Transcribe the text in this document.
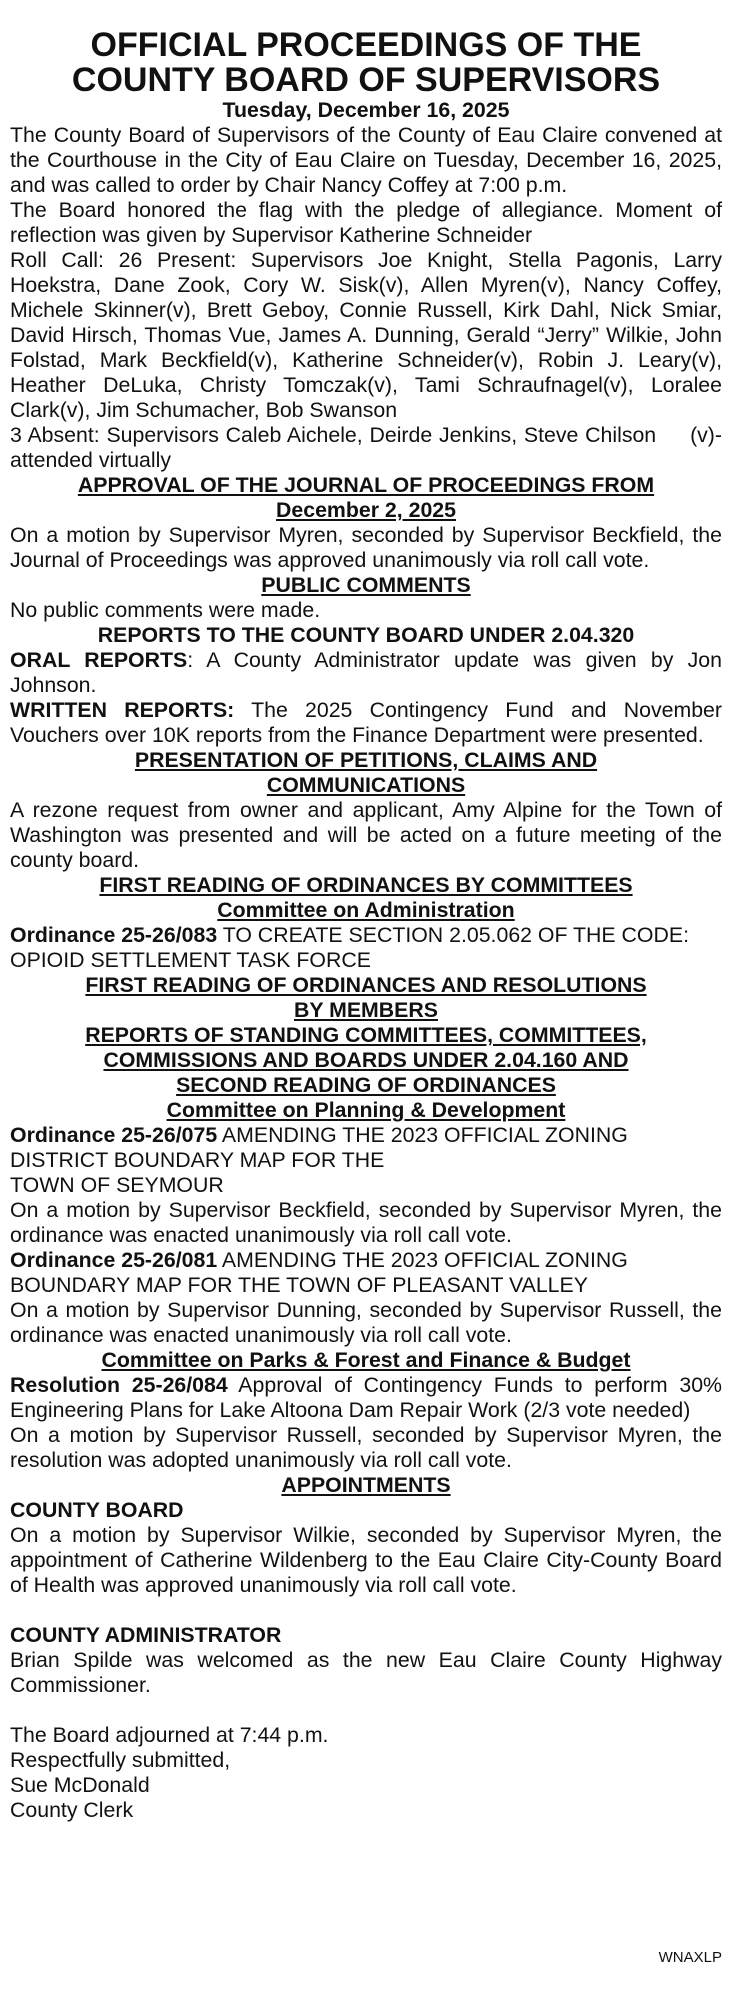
OFFICIAL PROCEEDINGS OF THE
COUNTY BOARD OF SUPERVISORS
Tuesday, December 16, 2025

The County Board of Supervisors of the County of Eau Claire convened at the Courthouse in the City of Eau Claire on Tuesday, December 16, 2025, and was called to order by Chair Nancy Coffey at 7:00 p.m.

The Board honored the flag with the pledge of allegiance. Moment of reflection was given by Supervisor Katherine Schneider

Roll Call: 26 Present: Supervisors Joe Knight, Stella Pagonis, Larry Hoekstra, Dane Zook, Cory W. Sisk(v), Allen Myren(v), Nancy Coffey, Michele Skinner(v), Brett Geboy, Connie Russell, Kirk Dahl, Nick Smiar, David Hirsch, Thomas Vue, James A. Dunning, Gerald “Jerry” Wilkie, John Folstad, Mark Beckfield(v), Katherine Schneider(v), Robin J. Leary(v), Heather DeLuka, Christy Tomczak(v), Tami Schraufnagel(v), Loralee Clark(v), Jim Schumacher, Bob Swanson

3 Absent: Supervisors Caleb Aichele, Deirde Jenkins, Steve Chilson (v)-attended virtually

APPROVAL OF THE JOURNAL OF PROCEEDINGS FROM
December 2, 2025

On a motion by Supervisor Myren, seconded by Supervisor Beckfield, the Journal of Proceedings was approved unanimously via roll call vote.

PUBLIC COMMENTS

No public comments were made.

REPORTS TO THE COUNTY BOARD UNDER 2.04.320

ORAL REPORTS: A County Administrator update was given by Jon Johnson.

WRITTEN REPORTS: The 2025 Contingency Fund and November Vouchers over 10K reports from the Finance Department were presented.

PRESENTATION OF PETITIONS, CLAIMS AND
COMMUNICATIONS

A rezone request from owner and applicant, Amy Alpine for the Town of Washington was presented and will be acted on a future meeting of the county board.

FIRST READING OF ORDINANCES BY COMMITTEES
Committee on Administration

Ordinance 25-26/083 TO CREATE SECTION 2.05.062 OF THE CODE: OPIOID SETTLEMENT TASK FORCE

FIRST READING OF ORDINANCES AND RESOLUTIONS
BY MEMBERS
REPORTS OF STANDING COMMITTEES, COMMITTEES,
COMMISSIONS AND BOARDS UNDER 2.04.160 AND
SECOND READING OF ORDINANCES
Committee on Planning & Development

Ordinance 25-26/075 AMENDING THE 2023 OFFICIAL ZONING DISTRICT BOUNDARY MAP FOR THE
TOWN OF SEYMOUR

On a motion by Supervisor Beckfield, seconded by Supervisor Myren, the ordinance was enacted unanimously via roll call vote.

Ordinance 25-26/081 AMENDING THE 2023 OFFICIAL ZONING BOUNDARY MAP FOR THE TOWN OF PLEASANT VALLEY

On a motion by Supervisor Dunning, seconded by Supervisor Russell, the ordinance was enacted unanimously via roll call vote.

Committee on Parks & Forest and Finance & Budget

Resolution 25-26/084 Approval of Contingency Funds to perform 30% Engineering Plans for Lake Altoona Dam Repair Work (2/3 vote needed)

On a motion by Supervisor Russell, seconded by Supervisor Myren, the resolution was adopted unanimously via roll call vote.

APPOINTMENTS
COUNTY BOARD

On a motion by Supervisor Wilkie, seconded by Supervisor Myren, the appointment of Catherine Wildenberg to the Eau Claire City-County Board of Health was approved unanimously via roll call vote.

COUNTY ADMINISTRATOR

Brian Spilde was welcomed as the new Eau Claire County Highway Commissioner.

The Board adjourned at 7:44 p.m.
Respectfully submitted,
Sue McDonald
County Clerk
WNAXLP
